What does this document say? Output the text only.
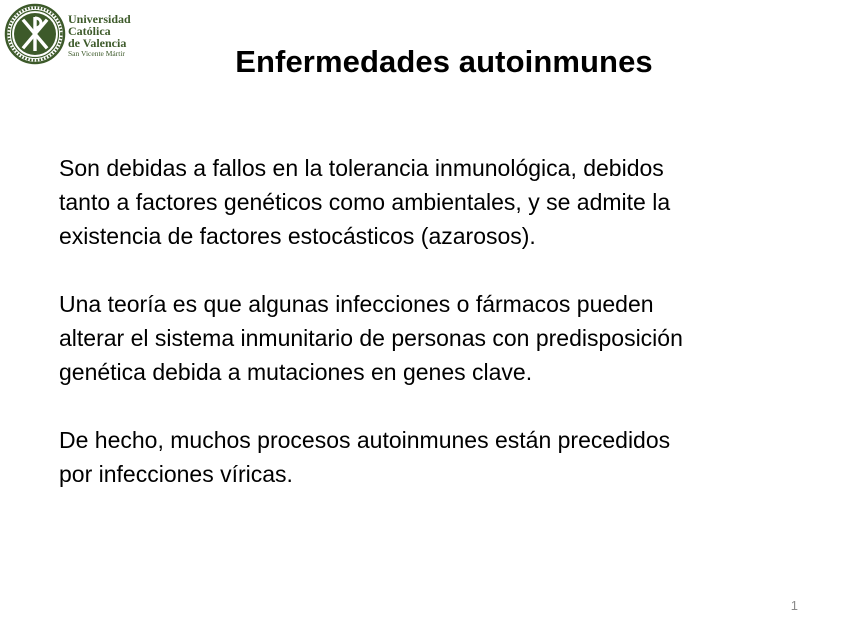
Universidad
Católica
de Valencia
San Vicente Mártir	Enfermedades autoinmunes

Son debidas a fallos en la tolerancia inmunológica, debidos
tanto a factores genéticos como ambientales, y se admite la
existencia de factores estocásticos (azarosos).

Una teoría es que algunas infecciones o fármacos pueden
alterar el sistema inmunitario de personas con predisposición
genética debida a mutaciones en genes clave.

De hecho, muchos procesos autoinmunes están precedidos
por infecciones víricas.

1
